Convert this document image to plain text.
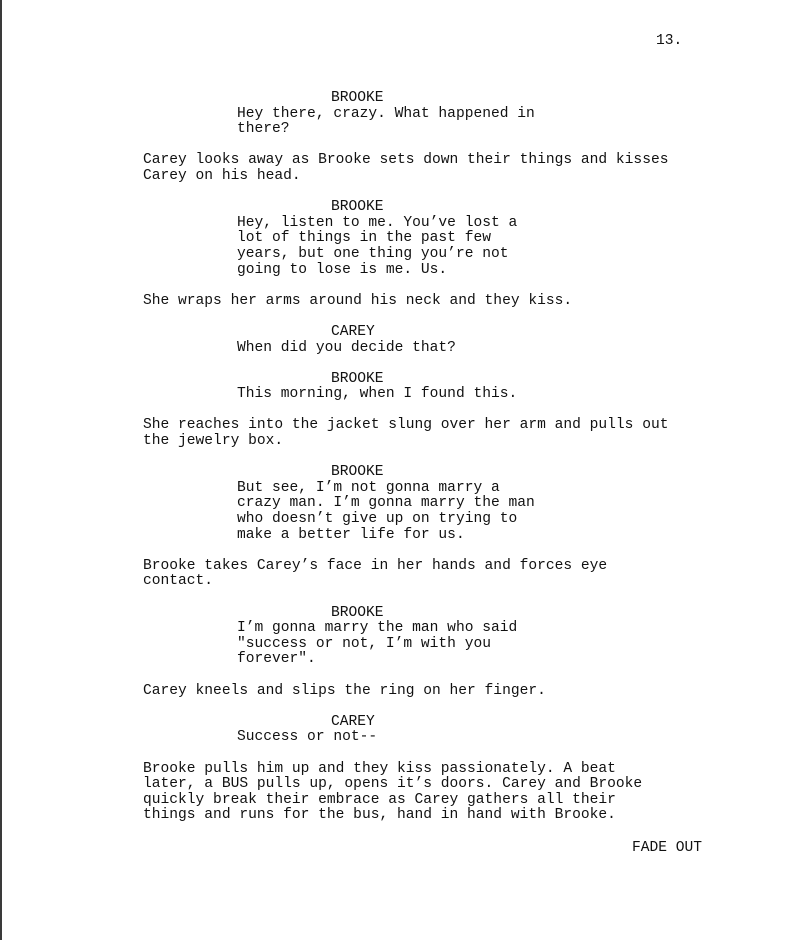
13.
BROOKE
Hey there, crazy. What happened in
there?
Carey looks away as Brooke sets down their things and kisses
Carey on his head.
BROOKE
Hey, listen to me. You’ve lost a
lot of things in the past few
years, but one thing you’re not
going to lose is me. Us.
She wraps her arms around his neck and they kiss.
CAREY
When did you decide that?
BROOKE
This morning, when I found this.
She reaches into the jacket slung over her arm and pulls out
the jewelry box.
BROOKE
But see, I’m not gonna marry a
crazy man. I’m gonna marry the man
who doesn’t give up on trying to
make a better life for us.
Brooke takes Carey’s face in her hands and forces eye
contact.
BROOKE
I’m gonna marry the man who said
"success or not, I’m with you
forever".
Carey kneels and slips the ring on her finger.
CAREY
Success or not--
Brooke pulls him up and they kiss passionately. A beat
later, a BUS pulls up, opens it’s doors. Carey and Brooke
quickly break their embrace as Carey gathers all their
things and runs for the bus, hand in hand with Brooke.
FADE OUT
